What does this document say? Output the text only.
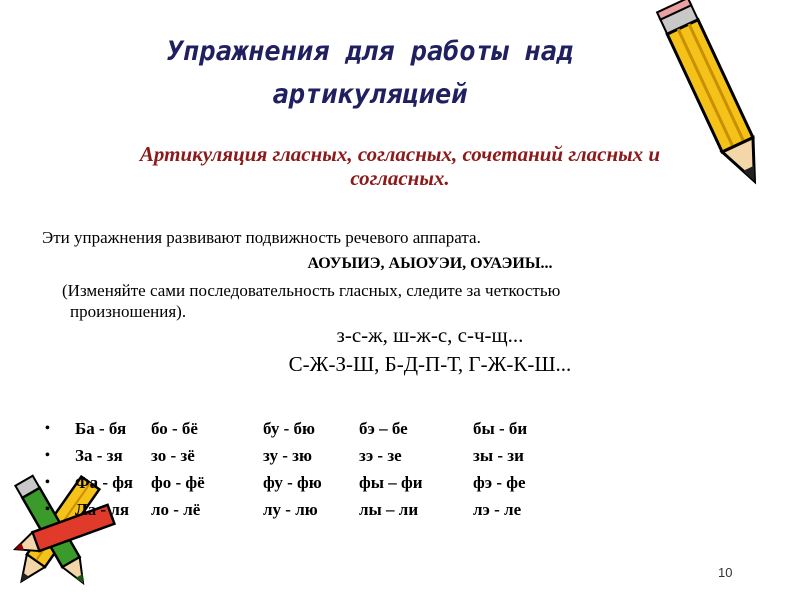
Упражнения для работы над
артикуляцией
Артикуляция гласных, согласных, сочетаний гласных и
согласных.
Эти упражнения развивают подвижность речевого аппарата.
АОУЫИЭ, АЫОУЭИ, ОУАЭИЫ...
(Изменяйте сами последовательность гласных, следите за четкостью
произношения).
з-с-ж, ш-ж-с, с-ч-щ...
С-Ж-З-Ш, Б-Д-П-Т, Г-Ж-К-Ш...
•	Ба - бя	бо - бё	бу - бю	бэ – бе	бы - би
•	За - зя	зо - зё	зу - зю	зэ - зе	зы - зи
•	Фа - фя	фо - фё	фу - фю	фы – фи	фэ - фе
•	Ла - ля	ло - лё	лу - лю	лы – ли	лэ - ле
10
